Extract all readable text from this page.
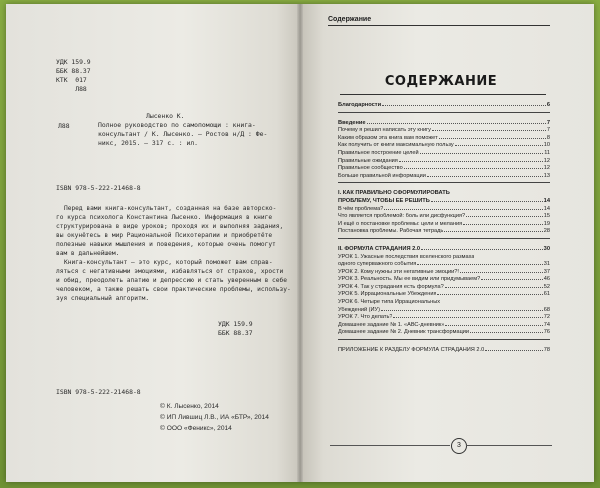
УДК 159.9
ББК 88.37
КТК  017
Л88
Лысенко К.
Л88	Полное руководство по самопомощи : книга-
консультант / К. Лысенко. – Ростов н/Д : Фе-
никс, 2015. – 317 с. : ил.
ISBN 978-5-222-21468-8
Перед вами книга-консультант, созданная на базе авторско-
го курса психолога Константина Лысенко. Информация в книге
структурирована в виде уроков; проходя их и выполняя задания,
вы окунётесь в мир Рациональной Психотерапии и приобретёте
полезные навыки мышления и поведения, которые очень помогут
вам в дальнейшем.
Книга-консультант – это курс, который поможет вам справ-
ляться с негативными эмоциями, избавляться от страхов, хрости
и обид, преодолеть апатию и депрессию и стать уверенным в себе
человеком, а также решать свои практические проблемы, использу-
зуя специальный алгоритм.
УДК 159.9
ББК 88.37
ISBN 978-5-222-21468-8
© К. Лысенко, 2014
© ИП Лившиц Л.В., ИА «БТР», 2014
© ООО «Феникс», 2014
Содержание
СОДЕРЖАНИЕ
Благодарности	6
Введение	7
Почему я решил написать эту книгу	7
Каким образом эта книга вам поможет	8
Как получить от книги максимальную пользу	10
Правильное построение целей	11
Правильные ожидания	12
Правильное сообщество	12
Больше правильной информации	13
I. КАК ПРАВИЛЬНО СФОРМУЛИРОВАТЬ
ПРОБЛЕМУ, ЧТОБЫ ЕЁ РЕШИТЬ	14
В чём проблема?	14
Что является проблемой: боль или дисфункция?	15
И ещё о постановке проблемы: цели и мелания	19
Постановка проблемы. Рабочая тетрадь	28
II. ФОРМУЛА СТРАДАНИЯ 2.0	30
УРОК 1. Ужасные последствия вселенского размаха
одного суперважного события	31
УРОК 2. Кому нужны эти негативные эмоции?!	37
УРОК 3. Реальность. Мы ее видим или придумываем?	46
УРОК 4. Так у страдания есть формула?	52
УРОК 5. Иррациональные Убеждения	61
УРОК 6. Четыре типа Иррациональных
Убеждений (ИУ)	68
УРОК 7. Что делать?	72
Домашнее задание № 1. «АВС-дневник»	74
Домашнее задание № 2. Дневник трансформации	76
ПРИЛОЖЕНИЕ К РАЗДЕЛУ ФОРМУЛА СТРАДАНИЯ 2.0	78
3
